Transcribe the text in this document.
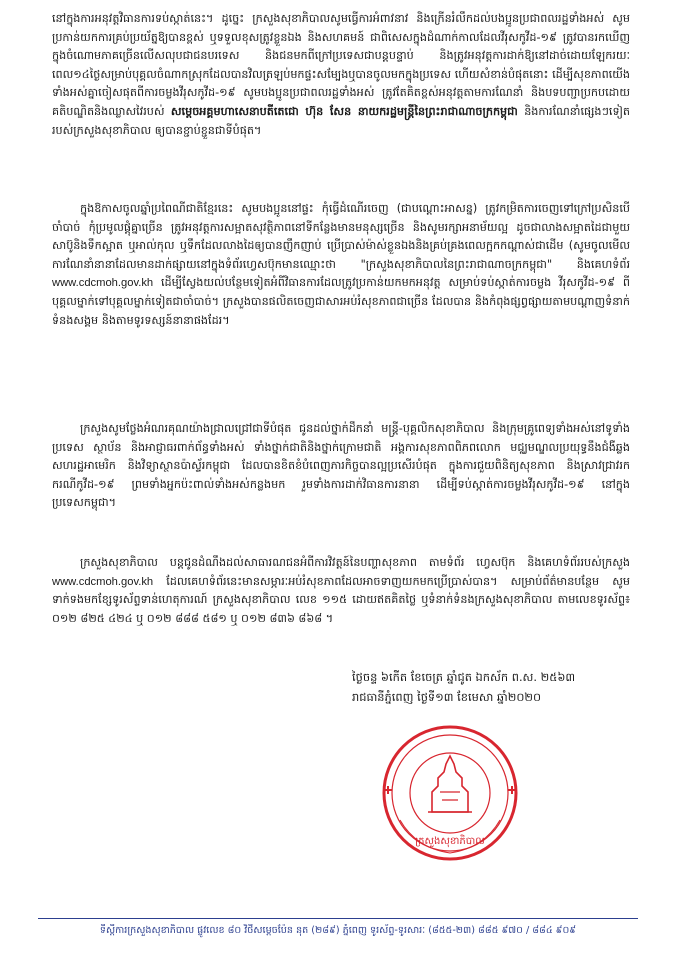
នៅក្នុងការអនុវត្តវិធានការទប់ស្កាត់នេះ។ ដូច្នេះ ក្រសួងសុខាភិបាលសូមធ្វើការអំពាវនាវ និងក្រើនរំលឹកដល់បងប្អូនប្រជាពលរដ្ឋទាំងអស់ សូមប្រកាន់យកការគ្រប់ប្រយ័ត្នឱ្យបានខ្ពស់ ឬទទួលខុសត្រូវខ្លួនឯង និងសហគមន៍ ជាពិសេសក្នុងដំណាក់កាលដែលវីរុសកូវីដ-១៩ ត្រូវបានរកឃើញក្នុងចំណោមភាគច្រើនលើសលុបជាជនបរទេស និងជនមកពីក្រៅប្រទេសជាបន្តបន្ទាប់ និងត្រូវអនុវត្តការដាក់ឱ្យនៅដាច់ដោយឡែករយៈពេល១៤ថ្ងៃសម្រាប់បុគ្គលចំណាកស្រុកដែលបានវិលត្រឡប់មកផ្ទះសម្បែងឬបានចូលមកក្នុងប្រទេស ហើយសំខាន់បំផុតនោះ ដើម្បីសុខភាពយើងទាំងអស់គ្នាចៀសផុតពីការចម្លងវីរុសកូវីដ-១៩ សូមបងប្អូនប្រជាពលរដ្ឋទាំងអស់ ត្រូវតែគិតខ្ពស់អនុវត្តតាមការណែនាំ និងបទបញ្ជាប្រកបដោយគតិបណ្ឌិតនិងឈ្លាសវៃរបស់ សម្តេចអគ្គមហាសេនាបតីតេជោ ហ៊ុន សែន នាយករដ្ឋមន្ត្រីនៃព្រះរាជាណាចក្រកម្ពុជា និងការណែនាំផ្សេងៗទៀតរបស់ក្រសួងសុខាភិបាល ឲ្យបានខ្ជាប់ខ្ជួនជាទីបំផុត។

ក្នុងឱកាសចូលឆ្នាំប្រពៃណីជាតិខ្មែរនេះ សូមបងប្អូននៅផ្ទះ កុំធ្វើដំណើរចេញ (ជាបណ្តោះអាសន្ន) ត្រូវកម្រិតការចេញទៅក្រៅប្រសិនបើចាំបាច់ កុំប្រមូលផ្តុំគ្នាច្រើន ត្រូវអនុវត្តការសម្អាតសុវត្ថិភាពនៅទីកន្លែងមានមនុស្សច្រើន និងសូមរក្សាអនាម័យល្អ ដូចជាលាងសម្អាតដៃជាមួយសាប៊ូនិងទឹកស្អាត ឬអាល់កុល ឬទឹកដែលលាងដៃឲ្យបានញឹកញាប់ ប្រើប្រាស់ម៉ាស់ខ្លួនឯងនិងគ្រប់គ្រងពេលក្អកកណ្តាស់ជាដើម (សូមចូលមើលការណែនាំនានាដែលមានដាក់ផ្សាយនៅក្នុងទំព័រហ្វេសប៊ុកមានឈ្មោះថា "ក្រសួងសុខាភិបាលនៃព្រះរាជាណាចក្រកម្ពុជា" និងគេហទំព័រ www.cdcmoh.gov.kh ដើម្បីស្វែងយល់បន្ថែមទៀតអំពីវិធានការដែលត្រូវប្រកាន់យកមកអនុវត្ត សម្រាប់ទប់ស្កាត់ការចម្លង វីរុសកូវីដ-១៩ ពីបុគ្គលម្នាក់ទៅបុគ្គលម្នាក់ទៀតជាចាំបាច់។ ក្រសួងបានផលិតចេញជាសារអប់រំសុខភាពជាច្រើន ដែលបាន និងកំពុងផ្សព្វផ្សាយតាមបណ្តាញទំនាក់ទំនងសង្គម និងតាមទូរទស្សន៍នានាផងដែរ។

ក្រសួងសូមថ្លែងអំណរគុណយ៉ាងជ្រាលជ្រៅជាទីបំផុត ជូនដល់ថ្នាក់ដឹកនាំ មន្ត្រី-បុគ្គលិកសុខាភិបាល និងក្រុមគ្រូពេទ្យទាំងអស់នៅទូទាំងប្រទេស ស្ថាប័ន និងអាជ្ញាធរពាក់ព័ន្ធទាំងអស់ ទាំងថ្នាក់ជាតិនិងថ្នាក់ក្រោមជាតិ អង្គការសុខភាពពិភពលោក មជ្ឈមណ្ឌលប្រយុទ្ធនឹងជំងឺឆ្លងសហរដ្ឋអាមេរិក និងវិទ្យាស្ថានប៉ាស្ទ័រកម្ពុជា ដែលបានខិតខំបំពេញភារកិច្ចបានល្អប្រសើរបំផុត ក្នុងការជួយពិនិត្យសុខភាព និងស្រាវជ្រាវរកករណីកូវីដ-១៩ ព្រមទាំងអ្នកប៉ះពាល់ទាំងអស់កន្លងមក រួមទាំងការដាក់វិធានការនានា ដើម្បីទប់ស្កាត់ការចម្លងវីរុសកូវីដ-១៩ នៅក្នុងប្រទេសកម្ពុជា។

ក្រសួងសុខាភិបាល បន្តជូនដំណឹងដល់សាធារណជនអំពីការវិវត្តន៍នៃបញ្ហាសុខភាព តាមទំព័រ ហ្វេសប៊ុក និងគេហទំព័ររបស់ក្រសួង www.cdcmoh.gov.kh ដែលគេហទំព័រនេះមានសម្ភារៈអប់រំសុខភាពដែលអាចទាញយកមកប្រើប្រាស់បាន។ សម្រាប់ព័ត៌មានបន្ថែម សូមទាក់ទងមកខ្សែទូរស័ព្ទទាន់ហេតុការណ៍ ក្រសួងសុខាភិបាល លេខ ១១៥ ដោយឥតគិតថ្លៃ ឬទំនាក់ទំនងក្រសួងសុខាភិបាល តាមលេខទូរស័ព្ទ៖ ០១២ ៨២៥ ៤២៤ ឬ ០១២ ៨៨៨ ៥៨១ ឬ ០១២ ៨៣៦ ៨៦៨ ។

ថ្ងៃចន្ទ ៦កើត ខែចេត្រ ឆ្នាំជូត ឯកស័ក ព.ស. ២៥៦៣
រាជធានីភ្នំពេញ ថ្ងៃទី១៣ ខែមេសា ឆ្នាំ២០២០
ក្រសួងសុខាភិបាល
ទីស្តីការក្រសួងសុខាភិបាល ផ្លូវលេខ ៨០ វិថីសម្តេចប៉ែន នុត (២៨៩) ភ្នំពេញ ទូរស័ព្ទ-ទូរសារៈ (៨៥៥-២៣) ៨៨៥ ៩៧០ / ៨៨៤ ៩០៩
